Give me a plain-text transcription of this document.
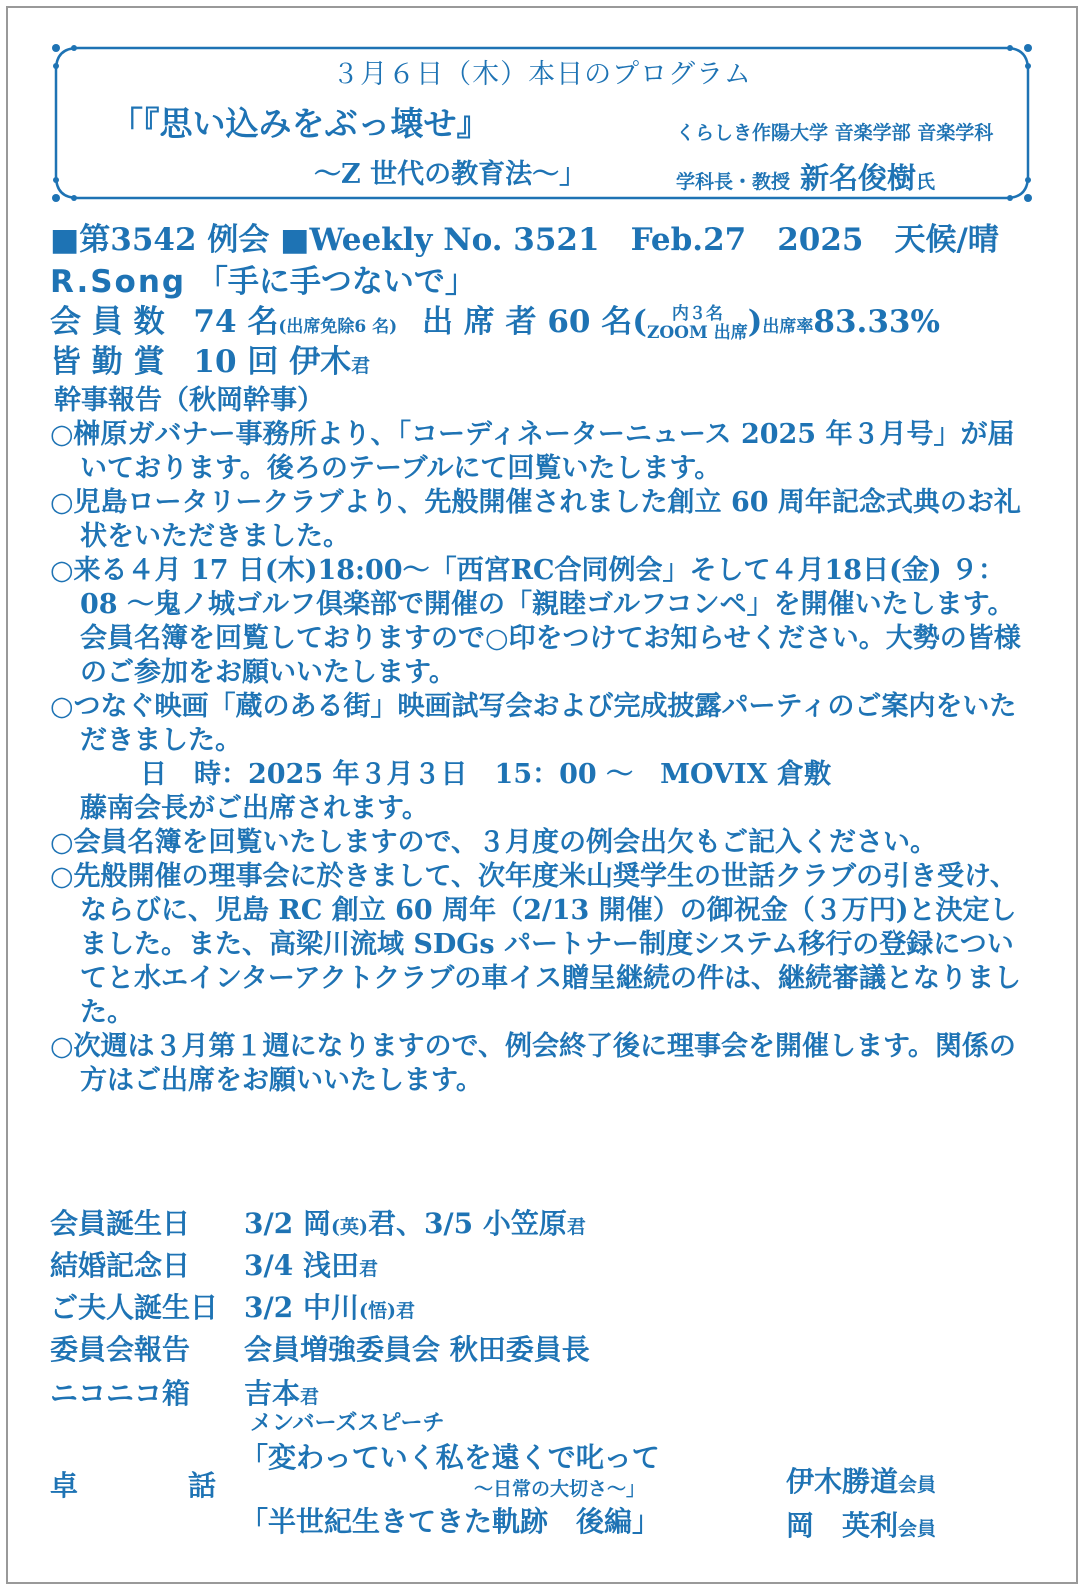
３月６日（木）本日のプログラム
「『思い込みをぶっ壊せ』
～Z 世代の教育法～」
くらしき作陽大学 音楽学部 音楽学科
学科長・教授 新名俊樹氏
■第3542 例会 ■Weekly No. 3521　Feb.27　2025　天候/晴
R.Song 「手に手つないで」
会 員 数 74 名(出席免除6 名) 出 席 者 60 名( 内３名
ZOOM 出席)出席率83.33%
皆 勤 賞 10 回 伊木君
幹事報告（秋岡幹事）
○榊原ガバナー事務所より、「コーディネーターニュース 2025 年３月号」が届いております。後ろのテーブルにて回覧いたします。
○児島ロータリークラブより、先般開催されました創立 60 周年記念式典のお礼状をいただきました。
○来る４月 17 日(木)18:00～「西宮RC合同例会」そして４月18日(金) ９：08 ～鬼ノ城ゴルフ倶楽部で開催の「親睦ゴルフコンペ」を開催いたします。会員名簿を回覧しておりますので○印をつけてお知らせください。大勢の皆様のご参加をお願いいたします。
○つなぐ映画「蔵のある街」映画試写会および完成披露パーティのご案内をいただきました。
日　時：2025 年３月３日　15：00 ～　MOVIX 倉敷
藤南会長がご出席されます。
○会員名簿を回覧いたしますので、３月度の例会出欠もご記入ください。
○先般開催の理事会に於きまして、次年度米山奨学生の世話クラブの引き受け、ならびに、児島 RC 創立 60 周年（2/13 開催）の御祝金（３万円)と決定しました。また、高梁川流域 SDGs パートナー制度システム移行の登録についてと水エインターアクトクラブの車イス贈呈継続の件は、継続審議となりました。
○次週は３月第１週になりますので、例会終了後に理事会を開催します。関係の方はご出席をお願いいたします。
会員誕生日 3/2 岡(英)君、3/5 小笠原君
結婚記念日 3/4 浅田君
ご夫人誕生日 3/2 中川(悟)君
委員会報告 会員増強委員会 秋田委員長
ニコニコ箱 吉本君
卓	話
メンバーズスピーチ
「変わっていく私を遠くで叱って
～日常の大切さ～」
「半世紀生きてきた軌跡　後編」
伊木勝道会員
岡　英利会員
